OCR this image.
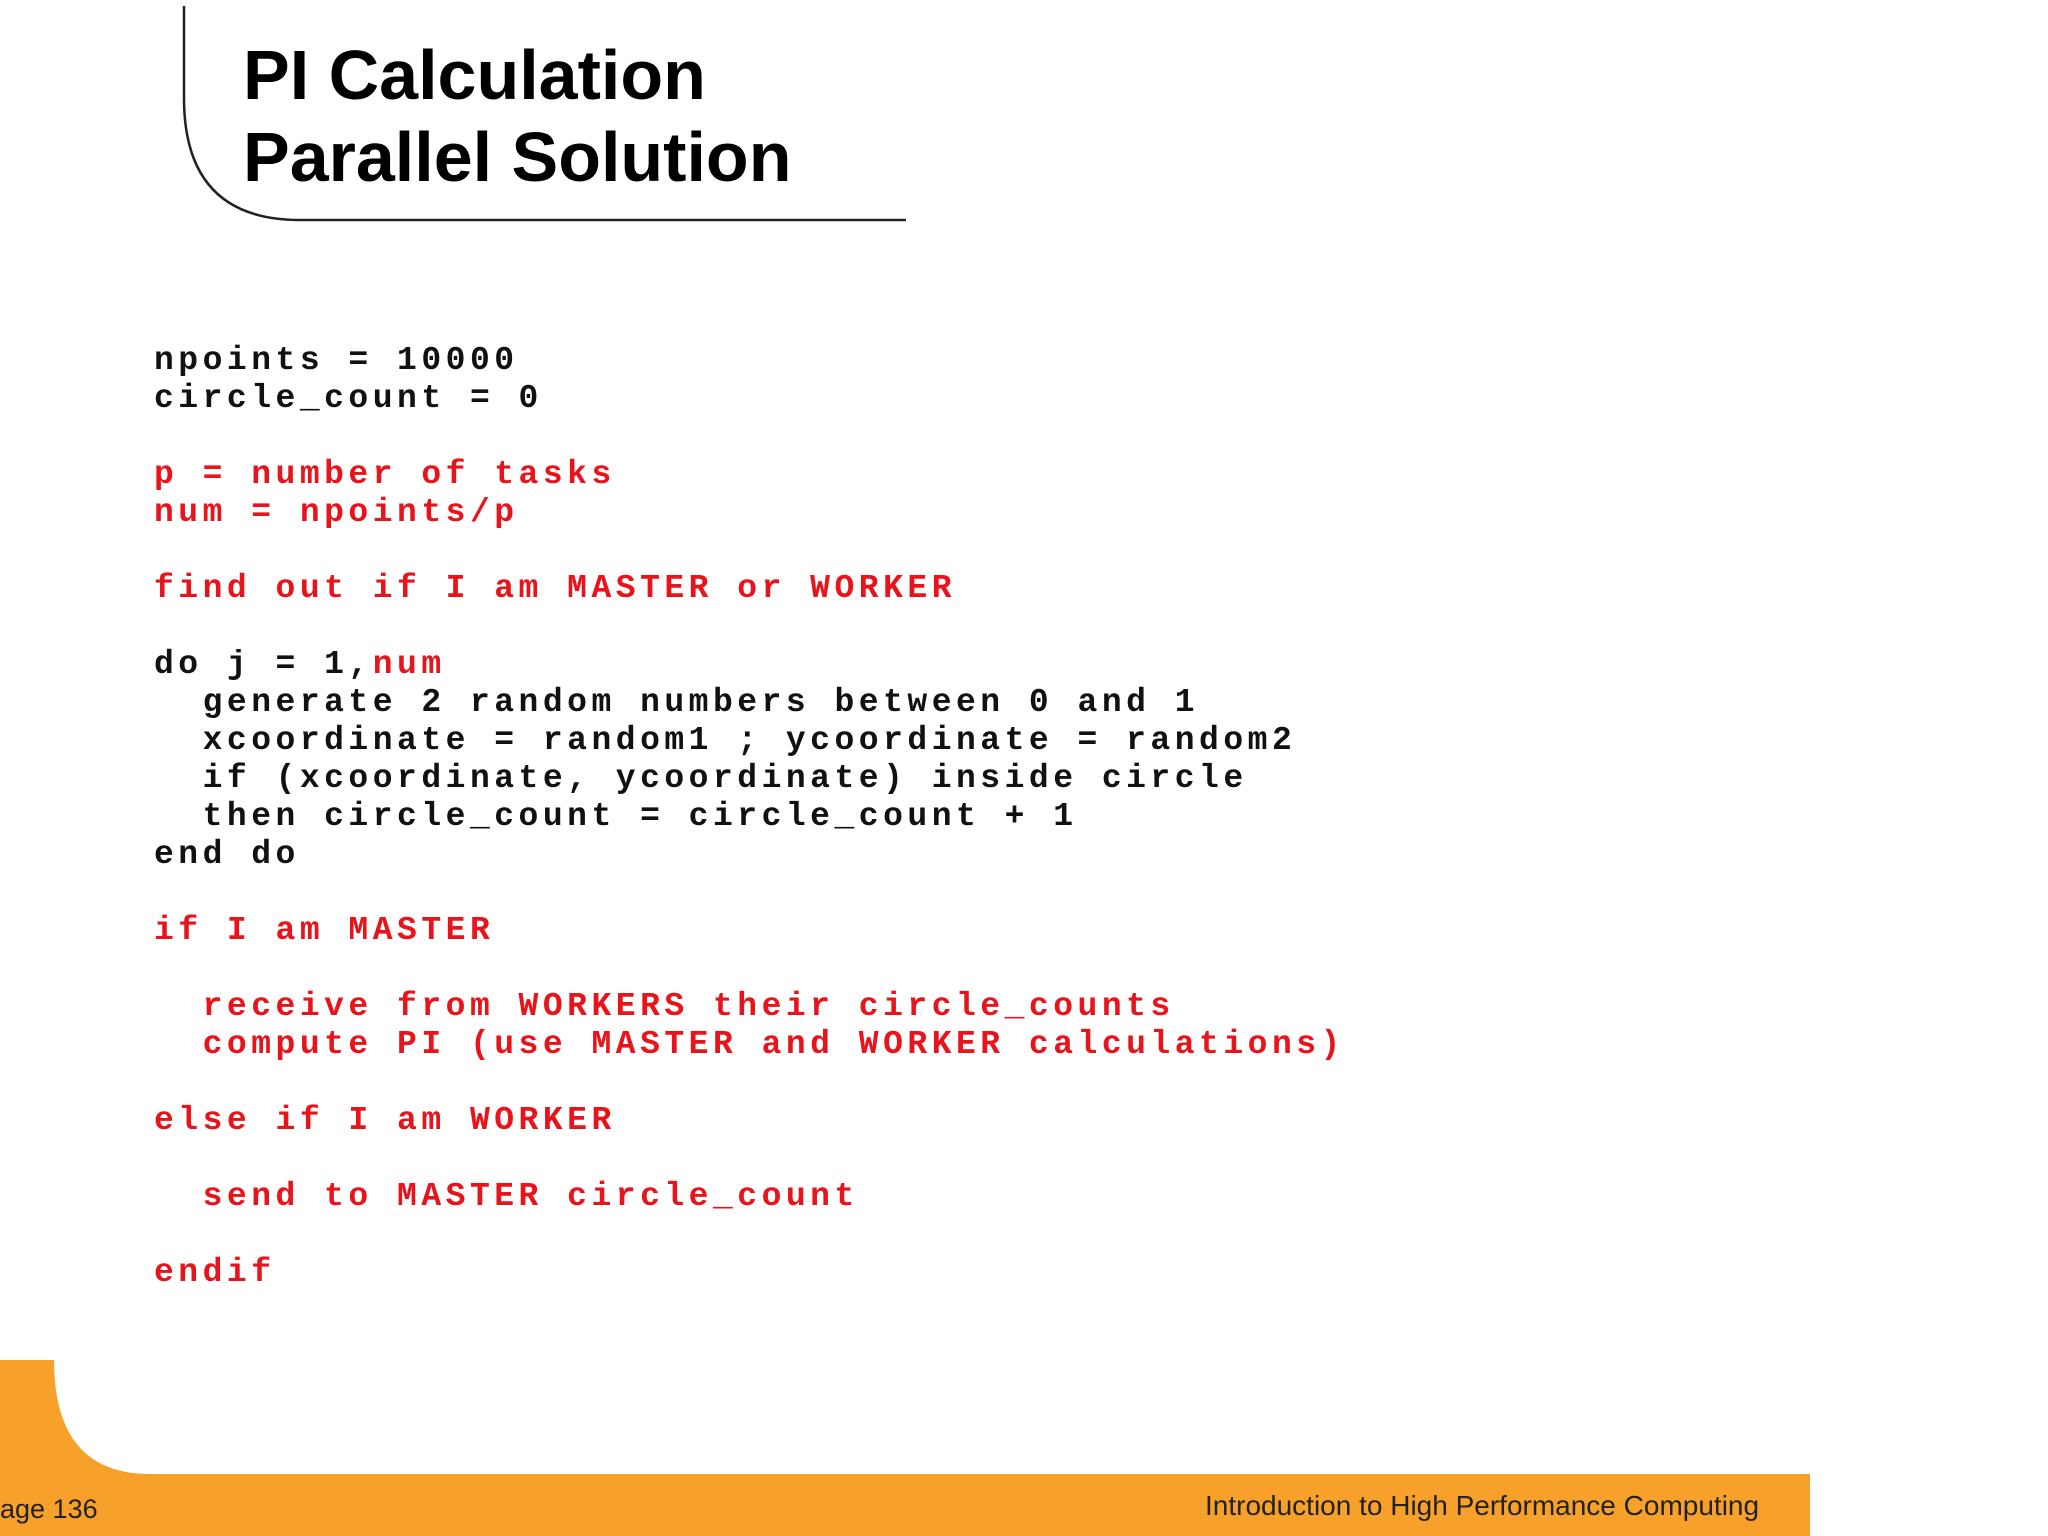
PI Calculation
Parallel Solution
npoints = 10000
circle_count = 0

p = number of tasks
num = npoints/p

find out if I am MASTER or WORKER

do j = 1,num
generate 2 random numbers between 0 and 1
xcoordinate = random1 ; ycoordinate = random2
if (xcoordinate, ycoordinate) inside circle
then circle_count = circle_count + 1
end do

if I am MASTER

receive from WORKERS their circle_counts
compute PI (use MASTER and WORKER calculations)

else if I am WORKER

send to MASTER circle_count

endif
age 136	Introduction to High Performance Computing
